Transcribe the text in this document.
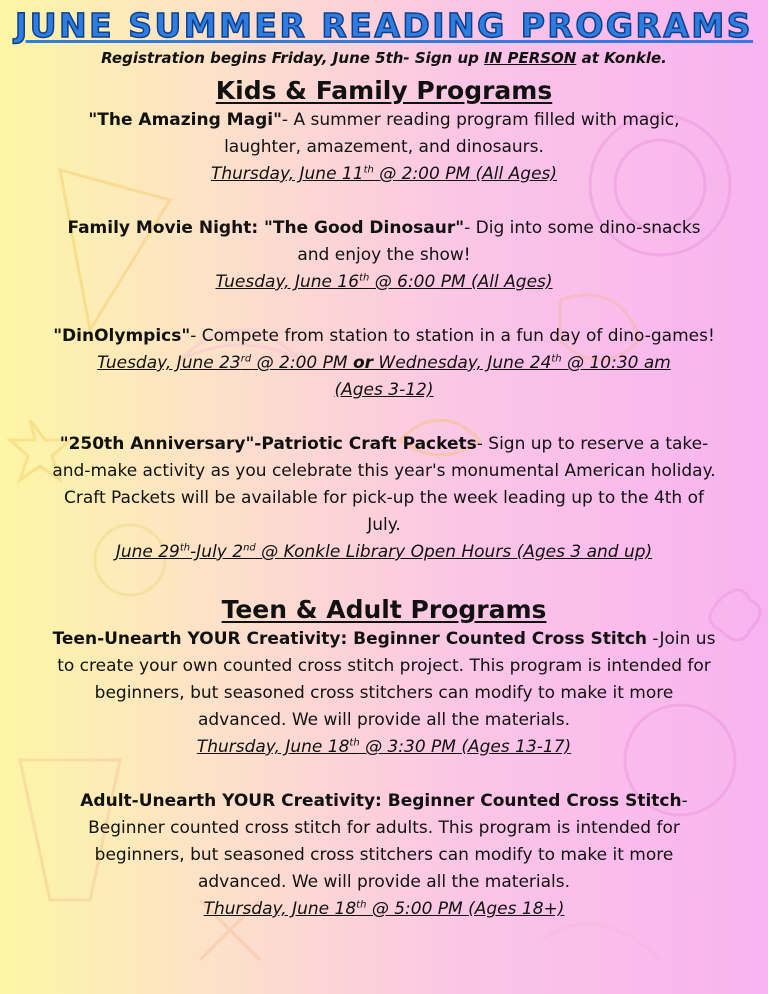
JUNE SUMMER READING PROGRAMS
Registration begins Friday, June 5th- Sign up IN PERSON at Konkle.
Kids & Family Programs
"The Amazing Magi"- A summer reading program filled with magic, laughter, amazement, and dinosaurs.
Thursday, June 11th @ 2:00 PM (All Ages)
Family Movie Night: "The Good Dinosaur"- Dig into some dino-snacks and enjoy the show!
Tuesday, June 16th @ 6:00 PM (All Ages)
"DinOlympics"- Compete from station to station in a fun day of dino-games!
Tuesday, June 23rd @ 2:00 PM or Wednesday, June 24th @ 10:30 am
(Ages 3-12)
"250th Anniversary"-Patriotic Craft Packets- Sign up to reserve a take-and-make activity as you celebrate this year's monumental American holiday. Craft Packets will be available for pick-up the week leading up to the 4th of July.
June 29th-July 2nd @ Konkle Library Open Hours (Ages 3 and up)
Teen & Adult Programs
Teen-Unearth YOUR Creativity: Beginner Counted Cross Stitch -Join us to create your own counted cross stitch project. This program is intended for beginners, but seasoned cross stitchers can modify to make it more advanced. We will provide all the materials.
Thursday, June 18th @ 3:30 PM (Ages 13-17)
Adult-Unearth YOUR Creativity: Beginner Counted Cross Stitch-Beginner counted cross stitch for adults. This program is intended for beginners, but seasoned cross stitchers can modify to make it more advanced. We will provide all the materials.
Thursday, June 18th @ 5:00 PM (Ages 18+)
